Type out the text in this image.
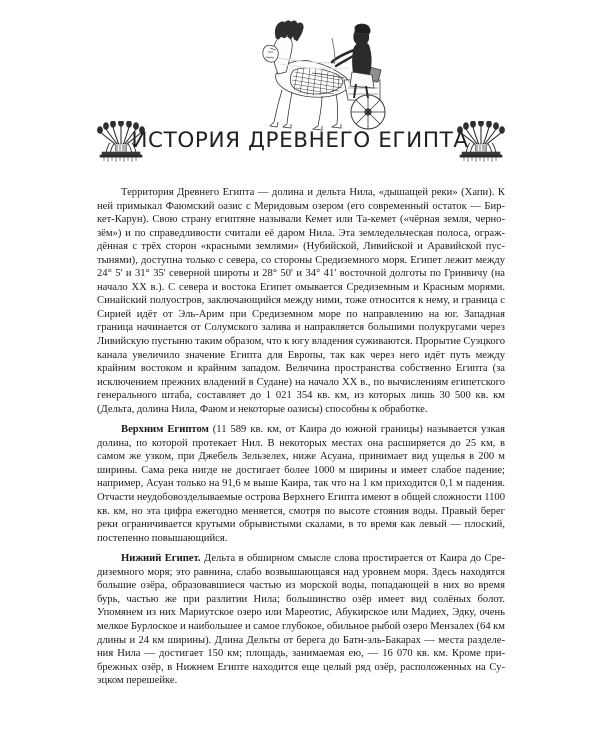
ИСТОРИЯ ДРЕВНЕГО ЕГИПТА

Территория Древнего Египта — долина и дельта Нила, «дышащей реки» (Хапи). К ней примыкал Фаюмский оазис с Меридовым озером (его современный остаток — Биркет-Карун). Свою страну египтяне называли Кемет или Та-кемет («чёрная земля, чернозём») и по справедливости считали её даром Нила. Эта земледельческая полоса, ограждённая с трёх сторон «красными землями» (Нубийской, Ливийской и Аравийской пустынями), доступна только с севера, со стороны Средиземного моря. Египет лежит между 24° 5' и 31° 35' северной широты и 28° 50' и 34° 41' восточной долготы по Гринвичу (на начало XX в.). С севера и востока Египет омывается Средиземным и Красным морями. Синайский полуостров, заключающийся между ними, тоже относится к нему, и граница с Сирией идёт от Эль-Арим при Средиземном море по направлению на юг. Западная граница начинается от Солумского залива и направляется большими полукругами через Ливийскую пустыню таким образом, что к югу владения суживаются. Прорытие Суэцкого канала увеличило значение Египта для Европы, так как через него идёт путь между крайним востоком и крайним западом. Величина пространства собственно Египта (за исключением прежних владений в Судане) на начало XX в., по вычислениям египетского генерального штаба, составляет до 1 021 354 кв. км, из которых лишь 30 500 кв. км (Дельта, долина Нила, Фаюм и некоторые оазисы) способны к обработке.

Верхним Египтом (11 589 кв. км, от Каира до южной границы) называется узкая долина, по которой протекает Нил. В некоторых местах она расширяется до 25 км, в самом же узком, при Джебель Зельзелех, ниже Асуана, принимает вид ущелья в 200 м ширины. Сама река нигде не достигает более 1000 м ширины и имеет слабое падение; например, Асуан только на 91,6 м выше Каира, так что на 1 км приходится 0,1 м падения. Отчасти неудобовозделываемые острова Верхнего Египта имеют в общей сложности 1100 кв. км, но эта цифра ежегодно меняется, смотря по высоте стояния воды. Правый берег реки ограничивается крутыми обрывистыми скалами, в то время как левый — плоский, постепенно повышающийся.

Нижний Египет. Дельта в обширном смысле слова простирается от Каира до Средиземного моря; это равнина, слабо возвышающаяся над уровнем моря. Здесь находятся большие озёра, образовавшиеся частью из морской воды, попадающей в них во время бурь, частью же при разлитии Нила; большинство озёр имеет вид солёных болот. Упомянем из них Мариутское озеро или Мареотис, Абукирское или Мадиех, Эдку, очень мелкое Бурлоское и наибольшее и самое глубокое, обильное рыбой озеро Мензалех (64 км длины и 24 км ширины). Длина Дельты от берега до Батн-эль-Бакарах — места разделения Нила — достигает 150 км; площадь, занимаемая ею, — 16 070 кв. км. Кроме прибрежных озёр, в Нижнем Египте находится еще целый ряд озёр, расположенных на Суэцком перешейке.
